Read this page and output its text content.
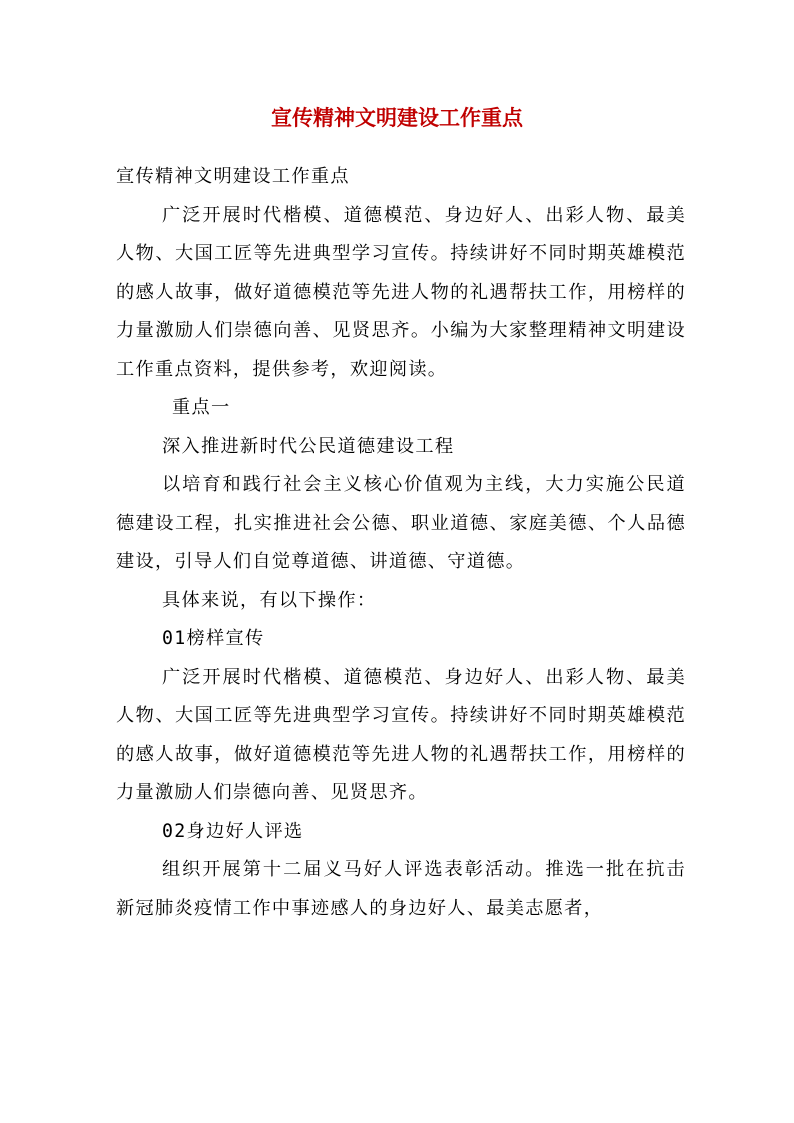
宣传精神文明建设工作重点

宣传精神文明建设工作重点

广泛开展时代楷模、道德模范、身边好人、出彩人物、最美人物、大国工匠等先进典型学习宣传。持续讲好不同时期英雄模范的感人故事，做好道德模范等先进人物的礼遇帮扶工作，用榜样的力量激励人们崇德向善、见贤思齐。小编为大家整理精神文明建设工作重点资料，提供参考，欢迎阅读。

重点一

深入推进新时代公民道德建设工程

以培育和践行社会主义核心价值观为主线，大力实施公民道德建设工程，扎实推进社会公德、职业道德、家庭美德、个人品德建设，引导人们自觉尊道德、讲道德、守道德。

具体来说，有以下操作：

01榜样宣传

广泛开展时代楷模、道德模范、身边好人、出彩人物、最美人物、大国工匠等先进典型学习宣传。持续讲好不同时期英雄模范的感人故事，做好道德模范等先进人物的礼遇帮扶工作，用榜样的力量激励人们崇德向善、见贤思齐。

02身边好人评选

组织开展第十二届义马好人评选表彰活动。推选一批在抗击新冠肺炎疫情工作中事迹感人的身边好人、最美志愿者，
